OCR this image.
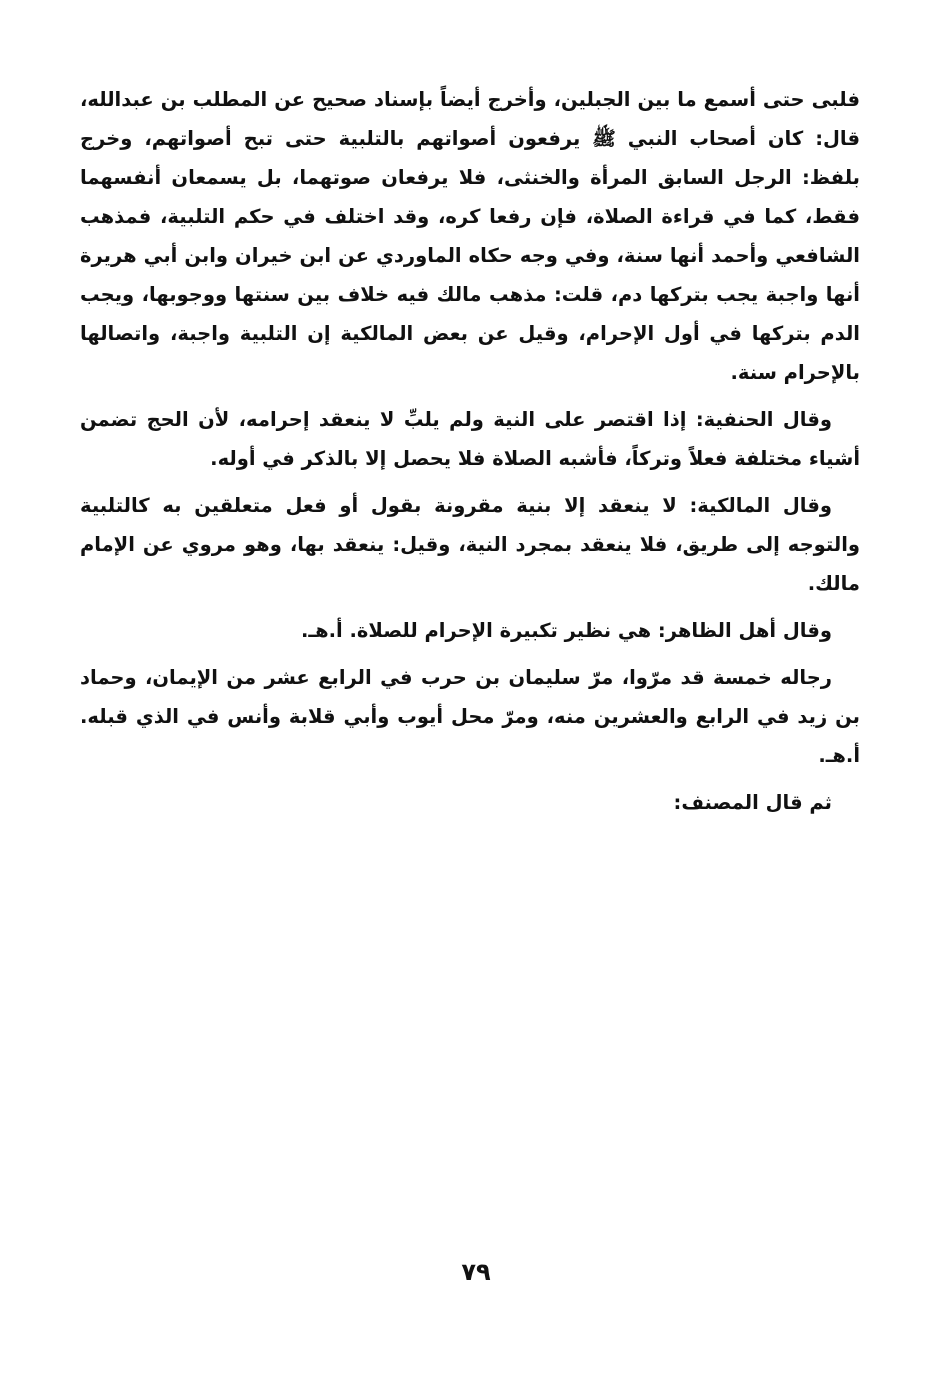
فلبى حتى أسمع ما بين الجبلين، وأخرج أيضاً بإسناد صحيح عن المطلب بن عبدالله، قال: كان أصحاب النبي ﷺ يرفعون أصواتهم بالتلبية حتى تبح أصواتهم، وخرج بلفظ: الرجل السابق المرأة والخنثى، فلا يرفعان صوتهما، بل يسمعان أنفسهما فقط، كما في قراءة الصلاة، فإن رفعا كره، وقد اختلف في حكم التلبية، فمذهب الشافعي وأحمد أنها سنة، وفي وجه حكاه الماوردي عن ابن خيران وابن أبي هريرة أنها واجبة يجب بتركها دم، قلت: مذهب مالك فيه خلاف بين سنتها ووجوبها، ويجب الدم بتركها في أول الإحرام، وقيل عن بعض المالكية إن التلبية واجبة، واتصالها بالإحرام سنة.

وقال الحنفية: إذا اقتصر على النية ولم يلبِّ لا ينعقد إحرامه، لأن الحج تضمن أشياء مختلفة فعلاً وتركاً، فأشبه الصلاة فلا يحصل إلا بالذكر في أوله.

وقال المالكية: لا ينعقد إلا بنية مقرونة بقول أو فعل متعلقين به كالتلبية والتوجه إلى طريق، فلا ينعقد بمجرد النية، وقيل: ينعقد بها، وهو مروي عن الإمام مالك.

وقال أهل الظاهر: هي نظير تكبيرة الإحرام للصلاة. أ.هـ.

رجاله خمسة قد مرّوا، مرّ سليمان بن حرب في الرابع عشر من الإيمان، وحماد بن زيد في الرابع والعشرين منه، ومرّ محل أيوب وأبي قلابة وأنس في الذي قبله. أ.هـ.

ثم قال المصنف:

٧٩
